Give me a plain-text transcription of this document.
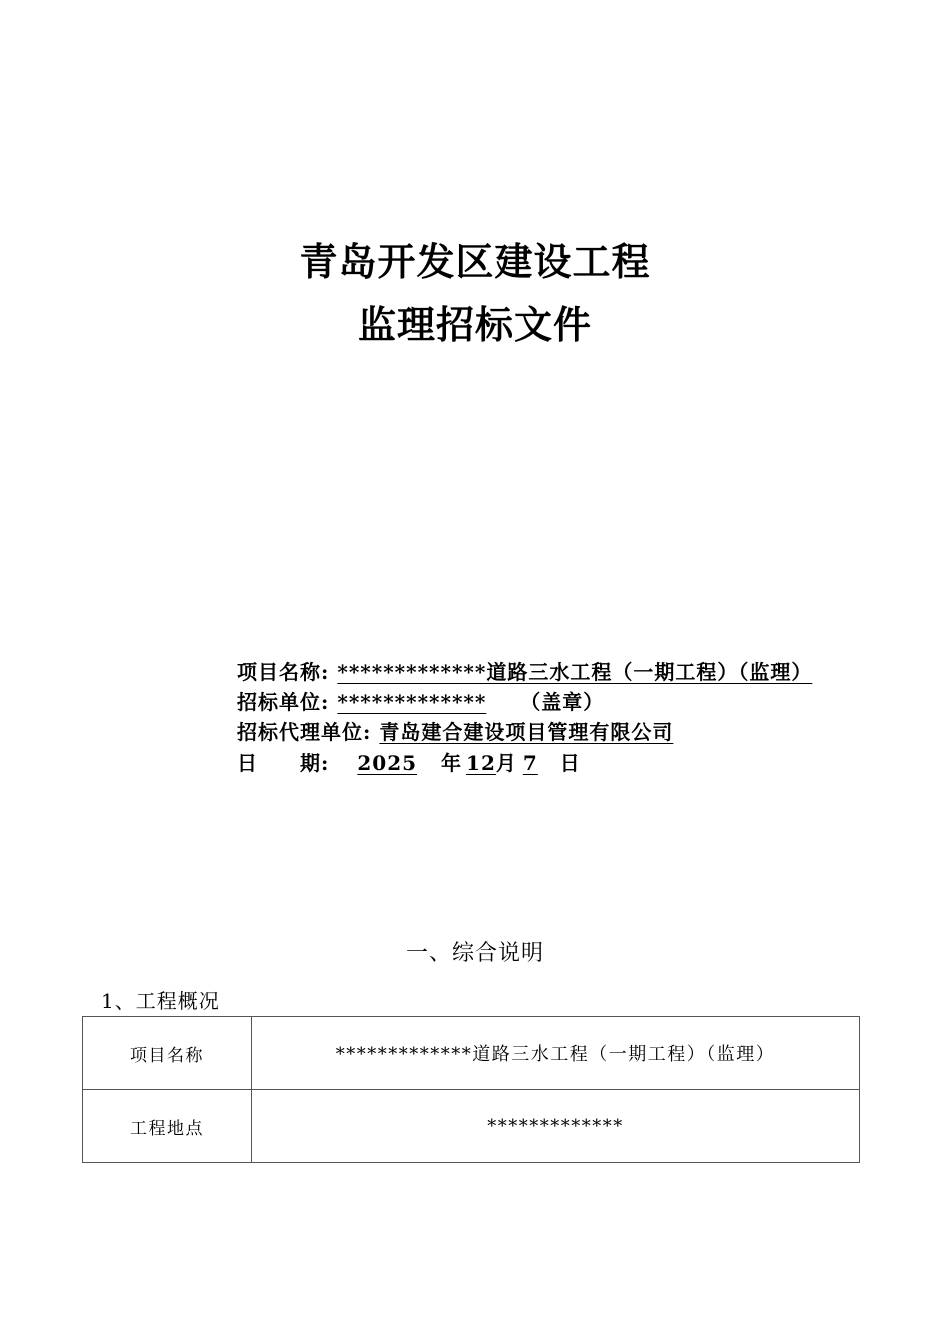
青岛开发区建设工程
监理招标文件
项目名称: *************道路三水工程（一期工程）（监理）
招标单位: ************* （盖章）
招标代理单位: 青岛建合建设项目管理有限公司
日　　期: 2025 年 12月 7 日
一、综合说明
1、工程概况
项目名称	*************道路三水工程（一期工程）（监理）
工程地点	*************
